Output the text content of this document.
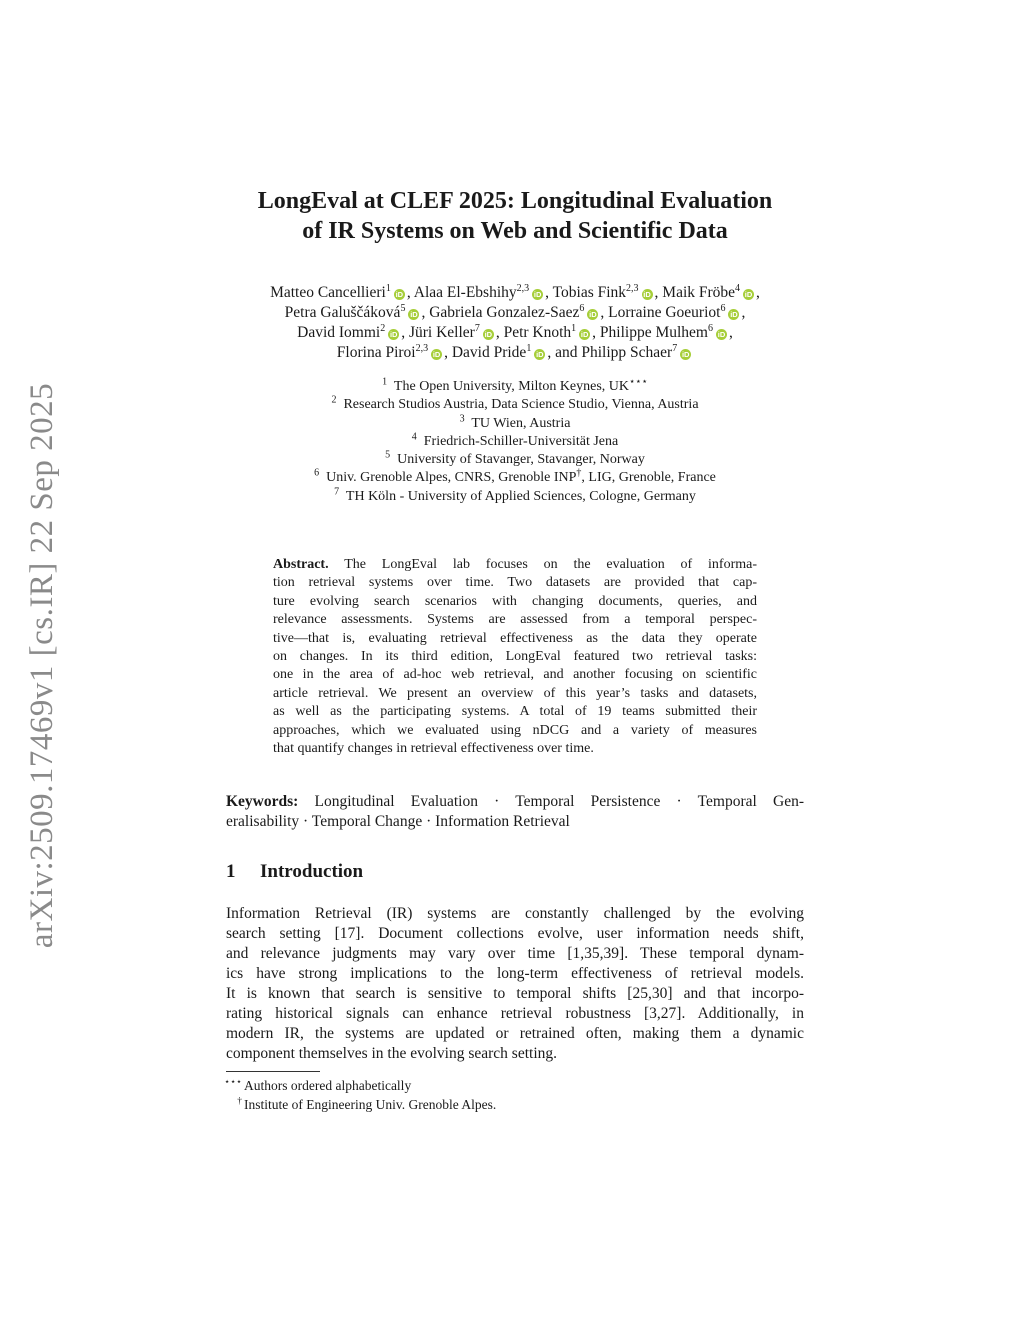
arXiv:2509.17469v1 [cs.IR] 22 Sep 2025
LongEval at CLEF 2025: Longitudinal Evaluation
of IR Systems on Web and Scientific Data
Matteo Cancellieri$^1$iD , Alaa El-Ebshihy$^{2,3}$iD , Tobias Fink$^{2,3}$iD , Maik Fröbe$^4$iD ,
Petra Galuščáková$^5$iD , Gabriela Gonzalez-Saez$^6$iD , Lorraine Goeuriot$^6$iD ,
David Iommi$^2$iD , Jüri Keller$^7$iD , Petr Knoth$^1$iD , Philippe Mulhem$^6$iD ,
Florina Piroi$^{2,3}$iD , David Pride$^1$iD , and Philipp Schaer$^7$iD
$^1$ The Open University, Milton Keynes, UK⋆⋆⋆
$^2$ Research Studios Austria, Data Science Studio, Vienna, Austria
$^3$ TU Wien, Austria
$^4$ Friedrich-Schiller-Universität Jena
$^5$ University of Stavanger, Stavanger, Norway
$^6$ Univ. Grenoble Alpes, CNRS, Grenoble INP†, LIG, Grenoble, France
$^7$ TH Köln - University of Applied Sciences, Cologne, Germany
Abstract. The LongEval lab focuses on the evaluation of informa-
tion retrieval systems over time. Two datasets are provided that cap-
ture evolving search scenarios with changing documents, queries, and
relevance assessments. Systems are assessed from a temporal perspec-
tive—that is, evaluating retrieval effectiveness as the data they operate
on changes. In its third edition, LongEval featured two retrieval tasks:
one in the area of ad-hoc web retrieval, and another focusing on scientific
article retrieval. We present an overview of this year’s tasks and datasets,
as well as the participating systems. A total of 19 teams submitted their
approaches, which we evaluated using nDCG and a variety of measures
that quantify changes in retrieval effectiveness over time.
Keywords: Longitudinal Evaluation · Temporal Persistence · Temporal Gen-
eralisability · Temporal Change · Information Retrieval
1 Introduction
Information Retrieval (IR) systems are constantly challenged by the evolving
search setting [17]. Document collections evolve, user information needs shift,
and relevance judgments may vary over time [1,35,39]. These temporal dynam-
ics have strong implications to the long-term effectiveness of retrieval models.
It is known that search is sensitive to temporal shifts [25,30] and that incorpo-
rating historical signals can enhance retrieval robustness [3,27]. Additionally, in
modern IR, the systems are updated or retrained often, making them a dynamic
component themselves in the evolving search setting.
⋆⋆⋆ Authors ordered alphabetically
† Institute of Engineering Univ. Grenoble Alpes.
